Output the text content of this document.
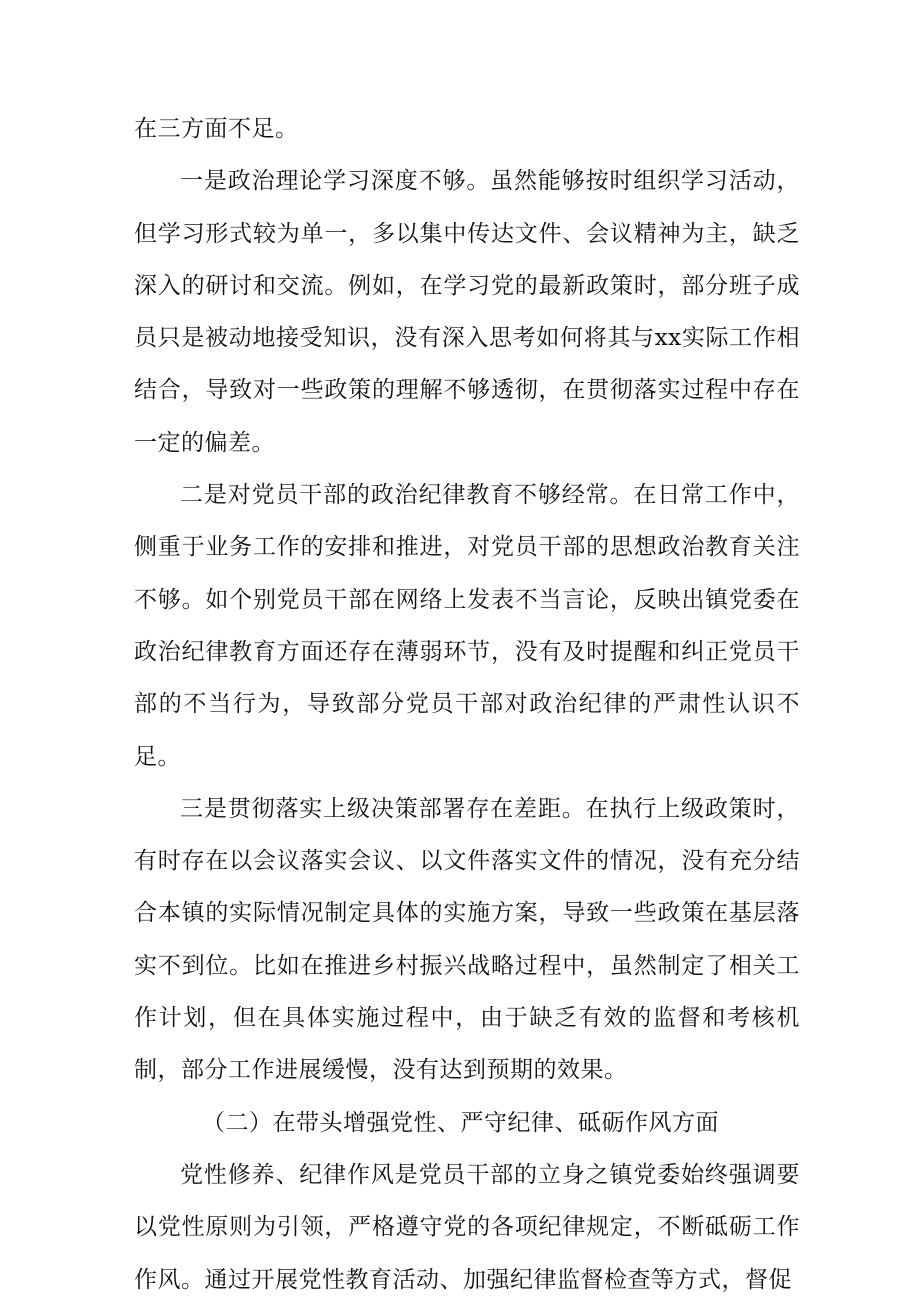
在三方面不足。

一是政治理论学习深度不够。虽然能够按时组织学习活动，但学习形式较为单一，多以集中传达文件、会议精神为主，缺乏深入的研讨和交流。例如，在学习党的最新政策时，部分班子成员只是被动地接受知识，没有深入思考如何将其与xx实际工作相结合，导致对一些政策的理解不够透彻，在贯彻落实过程中存在一定的偏差。

二是对党员干部的政治纪律教育不够经常。在日常工作中，侧重于业务工作的安排和推进，对党员干部的思想政治教育关注不够。如个别党员干部在网络上发表不当言论，反映出镇党委在政治纪律教育方面还存在薄弱环节，没有及时提醒和纠正党员干部的不当行为，导致部分党员干部对政治纪律的严肃性认识不足。

三是贯彻落实上级决策部署存在差距。在执行上级政策时，有时存在以会议落实会议、以文件落实文件的情况，没有充分结合本镇的实际情况制定具体的实施方案，导致一些政策在基层落实不到位。比如在推进乡村振兴战略过程中，虽然制定了相关工作计划，但在具体实施过程中，由于缺乏有效的监督和考核机制，部分工作进展缓慢，没有达到预期的效果。

（二）在带头增强党性、严守纪律、砥砺作风方面

党性修养、纪律作风是党员干部的立身之镇党委始终强调要以党性原则为引领，严格遵守党的各项纪律规定，不断砥砺工作作风。通过开展党性教育活动、加强纪律监督检查等方式，督促
